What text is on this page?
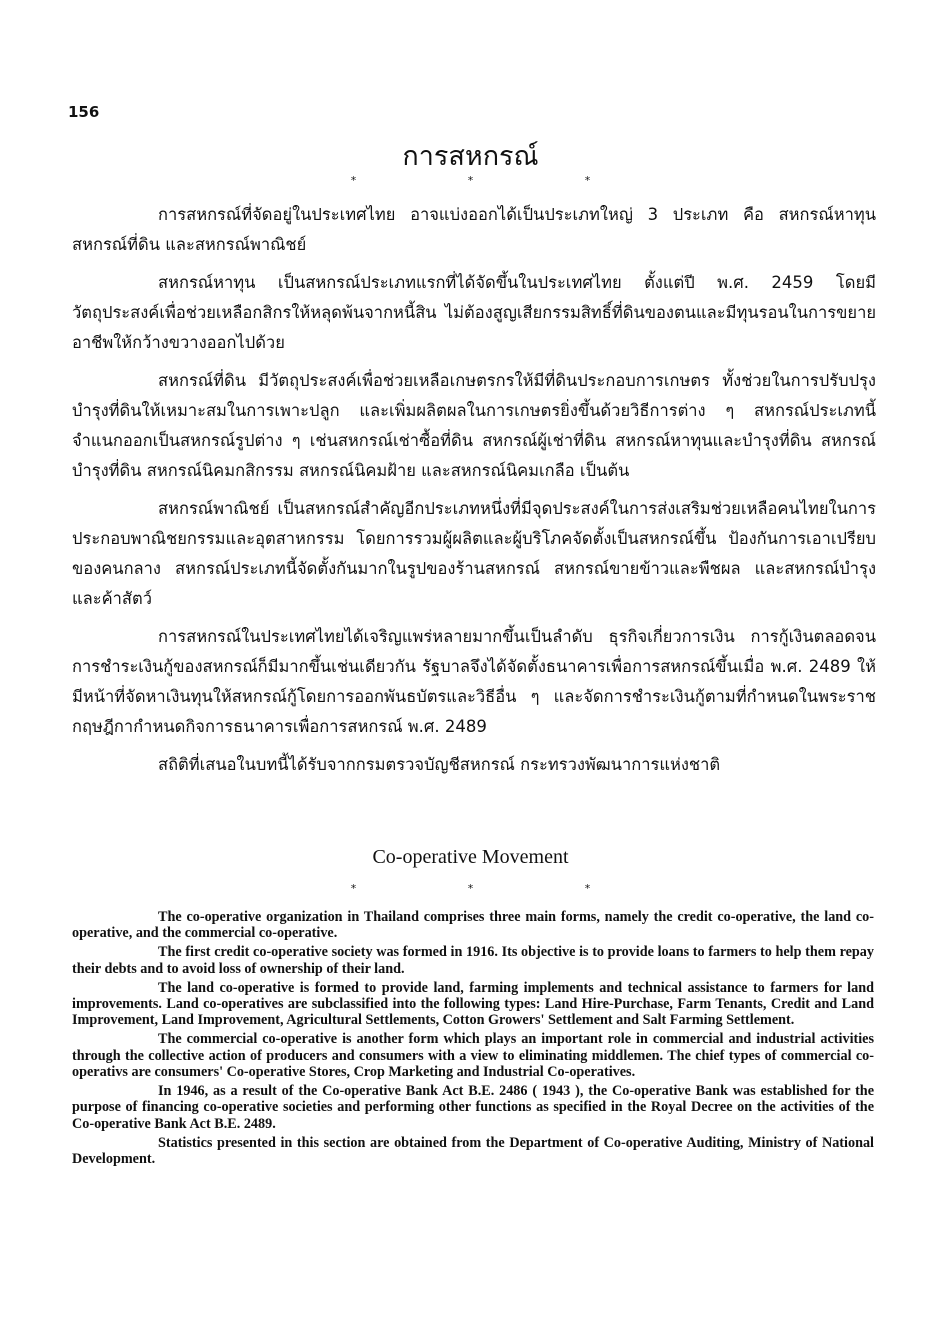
156
การสหกรณ์
* * *

การสหกรณ์ที่จัดอยู่ในประเทศไทย อาจแบ่งออกได้เป็นประเภทใหญ่ 3 ประเภท คือ สหกรณ์หาทุน สหกรณ์ที่ดิน และสหกรณ์พาณิชย์

สหกรณ์หาทุน เป็นสหกรณ์ประเภทแรกที่ได้จัดขึ้นในประเทศไทย ตั้งแต่ปี พ.ศ. 2459 โดยมีวัตถุประสงค์เพื่อช่วยเหลือกสิกรให้หลุดพ้นจากหนี้สิน ไม่ต้องสูญเสียกรรมสิทธิ์ที่ดินของตนและมีทุนรอนในการขยายอาชีพให้กว้างขวางออกไปด้วย

สหกรณ์ที่ดิน มีวัตถุประสงค์เพื่อช่วยเหลือเกษตรกรให้มีที่ดินประกอบการเกษตร ทั้งช่วยในการปรับปรุงบำรุงที่ดินให้เหมาะสมในการเพาะปลูก และเพิ่มผลิตผลในการเกษตรยิ่งขึ้นด้วยวิธีการต่าง ๆ สหกรณ์ประเภทนี้จำแนกออกเป็นสหกรณ์รูปต่าง ๆ เช่นสหกรณ์เช่าซื้อที่ดิน สหกรณ์ผู้เช่าที่ดิน สหกรณ์หาทุนและบำรุงที่ดิน สหกรณ์บำรุงที่ดิน สหกรณ์นิคมกสิกรรม สหกรณ์นิคมฝ้าย และสหกรณ์นิคมเกลือ เป็นต้น

สหกรณ์พาณิชย์ เป็นสหกรณ์สำคัญอีกประเภทหนึ่งที่มีจุดประสงค์ในการส่งเสริมช่วยเหลือคนไทยในการประกอบพาณิชยกรรมและอุตสาหกรรม โดยการรวมผู้ผลิตและผู้บริโภคจัดตั้งเป็นสหกรณ์ขึ้น ป้องกันการเอาเปรียบของคนกลาง สหกรณ์ประเภทนี้จัดตั้งกันมากในรูปของร้านสหกรณ์ สหกรณ์ขายข้าวและพืชผล และสหกรณ์บำรุงและค้าสัตว์

การสหกรณ์ในประเทศไทยได้เจริญแพร่หลายมากขึ้นเป็นลำดับ ธุรกิจเกี่ยวการเงิน การกู้เงินตลอดจนการชำระเงินกู้ของสหกรณ์ก็มีมากขึ้นเช่นเดียวกัน รัฐบาลจึงได้จัดตั้งธนาคารเพื่อการสหกรณ์ขึ้นเมื่อ พ.ศ. 2489 ให้มีหน้าที่จัดหาเงินทุนให้สหกรณ์กู้โดยการออกพันธบัตรและวิธีอื่น ๆ และจัดการชำระเงินกู้ตามที่กำหนดในพระราชกฤษฎีกากำหนดกิจการธนาคารเพื่อการสหกรณ์ พ.ศ. 2489

สถิติที่เสนอในบทนี้ได้รับจากกรมตรวจบัญชีสหกรณ์ กระทรวงพัฒนาการแห่งชาติ

Co-operative Movement
* * *

The co-operative organization in Thailand comprises three main forms, namely the credit co-operative, the land co-operative, and the commercial co-operative.

The first credit co-operative society was formed in 1916. Its objective is to provide loans to farmers to help them repay their debts and to avoid loss of ownership of their land.

The land co-operative is formed to provide land, farming implements and technical assistance to farmers for land improvements. Land co-operatives are subclassified into the following types: Land Hire-Purchase, Farm Tenants, Credit and Land Improvement, Land Improvement, Agricultural Settlements, Cotton Growers' Settlement and Salt Farming Settlement.

The commercial co-operative is another form which plays an important role in commercial and industrial activities through the collective action of producers and consumers with a view to eliminating middlemen. The chief types of commercial co-operativs are consumers' Co-operative Stores, Crop Marketing and Industrial Co-operatives.

In 1946, as a result of the Co-operative Bank Act B.E. 2486 ( 1943 ), the Co-operative Bank was established for the purpose of financing co-operative societies and performing other functions as specified in the Royal Decree on the activities of the Co-operative Bank Act B.E. 2489.

Statistics presented in this section are obtained from the Department of Co-operative Auditing, Ministry of National Development.
